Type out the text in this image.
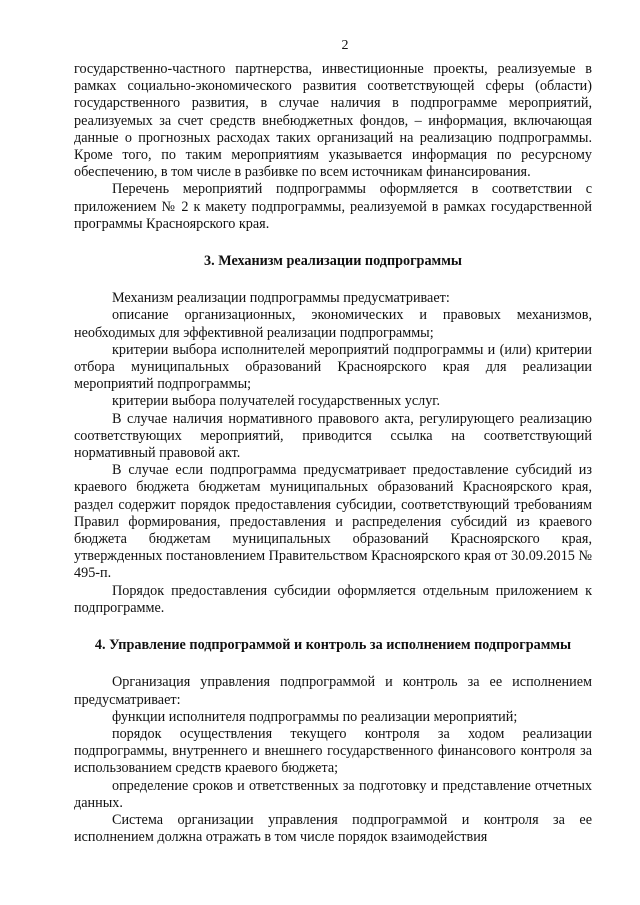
2

государственно-частного партнерства, инвестиционные проекты, реализуемые в рамках социально-экономического развития соответствующей сферы (области) государственного развития, в случае наличия в подпрограмме мероприятий, реализуемых за счет средств внебюджетных фондов, – информация, включающая данные о прогнозных расходах таких организаций на реализацию подпрограммы. Кроме того, по таким мероприятиям указывается информация по ресурсному обеспечению, в том числе в разбивке по всем источникам финансирования.

Перечень мероприятий подпрограммы оформляется в соответствии с приложением № 2 к макету подпрограммы, реализуемой в рамках государственной программы Красноярского края.

3. Механизм реализации подпрограммы

Механизм реализации подпрограммы предусматривает:

описание организационных, экономических и правовых механизмов, необходимых для эффективной реализации подпрограммы;

критерии выбора исполнителей мероприятий подпрограммы и (или) критерии отбора муниципальных образований Красноярского края для реализации мероприятий подпрограммы;

критерии выбора получателей государственных услуг.

В случае наличия нормативного правового акта, регулирующего реализацию соответствующих мероприятий, приводится ссылка на соответствующий нормативный правовой акт.

В случае если подпрограмма предусматривает предоставление субсидий из краевого бюджета бюджетам муниципальных образований Красноярского края, раздел содержит порядок предоставления субсидии, соответствующий требованиям Правил формирования, предоставления и распределения субсидий из краевого бюджета бюджетам муниципальных образований Красноярского края, утвержденных постановлением Правительством Красноярского края от 30.09.2015 № 495-п.

Порядок предоставления субсидии оформляется отдельным приложением к подпрограмме.

4. Управление подпрограммой и контроль за исполнением подпрограммы

Организация управления подпрограммой и контроль за ее исполнением предусматривает:

функции исполнителя подпрограммы по реализации мероприятий;

порядок осуществления текущего контроля за ходом реализации подпрограммы, внутреннего и внешнего государственного финансового контроля за использованием средств краевого бюджета;

определение сроков и ответственных за подготовку и представление отчетных данных.

Система организации управления подпрограммой и контроля за ее исполнением должна отражать в том числе порядок взаимодействия
